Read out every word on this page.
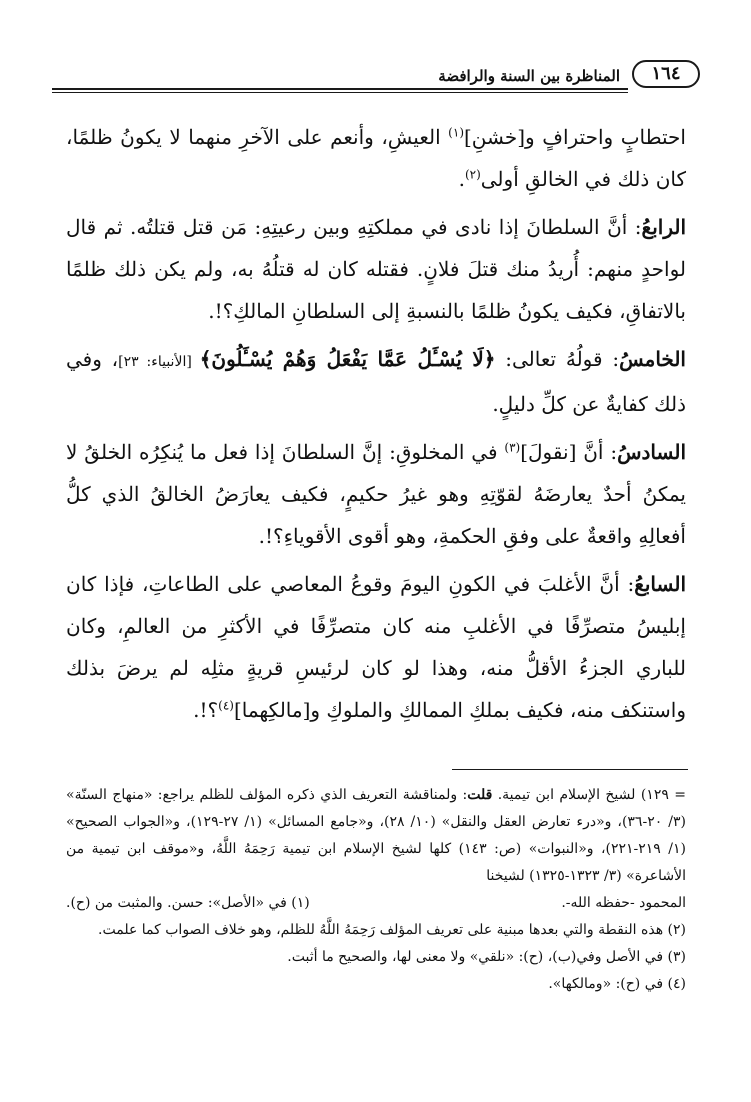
١٦٤
المناظرة بين السنة والرافضة

احتطابٍ واحترافٍ و[خشنِ]$^{(١)}$ العيشِ، وأنعم على الآخرِ منهما لا يكونُ ظلمًا، كان ذلك في الخالقِ أولى$^{(٢)}$.

الرابعُ: أنَّ السلطانَ إذا نادى في مملكتِهِ وبين رعيتِهِ: مَن قتل قتلتُه. ثم قال لواحدٍ منهم: أُريدُ منك قتلَ فلانٍ. فقتله كان له قتلُهُ به، ولم يكن ذلك ظلمًا بالاتفاقِ، فكيف يكونُ ظلمًا بالنسبةِ إلى السلطانِ المالكِ؟!.

الخامسُ: قولُهُ تعالى: ﴿لَا يُسْـَٔلُ عَمَّا يَفْعَلُ وَهُمْ يُسْـَٔلُونَ﴾ [الأنبياء: ٢٣]، وفي ذلك كفايةٌ عن كلِّ دليلٍ.

السادسُ: أنَّ [نقولَ]$^{(٣)}$ في المخلوقِ: إنَّ السلطانَ إذا فعل ما يُنكِرُه الخلقُ لا يمكنُ أحدٌ يعارضَهُ لقوّتِهِ وهو غيرُ حكيمٍ، فكيف يعارَضُ الخالقُ الذي كلُّ أفعالِهِ واقعةٌ على وفقِ الحكمةِ، وهو أقوى الأقوياءِ؟!.

السابعُ: أنَّ الأغلبَ في الكونِ اليومَ وقوعُ المعاصي على الطاعاتِ، فإذا كان إبليسُ متصرِّفًا في الأغلبِ منه كان متصرِّفًا في الأكثرِ من العالمِ، وكان للباري الجزءُ الأقلُّ منه، وهذا لو كان لرئيسِ قريةٍ مثلِه لم يرضَ بذلك واستنكف منه، فكيف بملكِ الممالكِ والملوكِ و[مالكِهما]$^{(٤)}$؟!.

= ١٢٩) لشيخ الإسلام ابن تيمية. قلت: ولمناقشة التعريف الذي ذكره المؤلف للظلم يراجع: «منهاج السنّة» (٣/ ٢٠-٣٦)، و«درء تعارض العقل والنقل» (١٠/ ٢٨)، و«جامع المسائل» (١/ ٢٧-١٢٩)، و«الجواب الصحيح» (١/ ٢١٩-٢٢١)، و«النبوات» (ص: ١٤٣) كلها لشيخ الإسلام ابن تيمية رَحِمَهُ اللَّهُ، و«موقف ابن تيمية من الأشاعرة» (٣/ ١٣٢٣-١٣٢٥) لشيخنا

المحمود -حفظه الله-.
(١) في «الأصل»: حسن. والمثبت من (ح).

(٢) هذه النقطة والتي بعدها مبنية على تعريف المؤلف رَحِمَهُ اللَّهُ للظلم، وهو خلاف الصواب كما علمت.

(٣) في الأصل وفي(ب)، (ح): «نلقي» ولا معنى لها، والصحيح ما أثبت.

(٤) في (ح): «ومالكها».
